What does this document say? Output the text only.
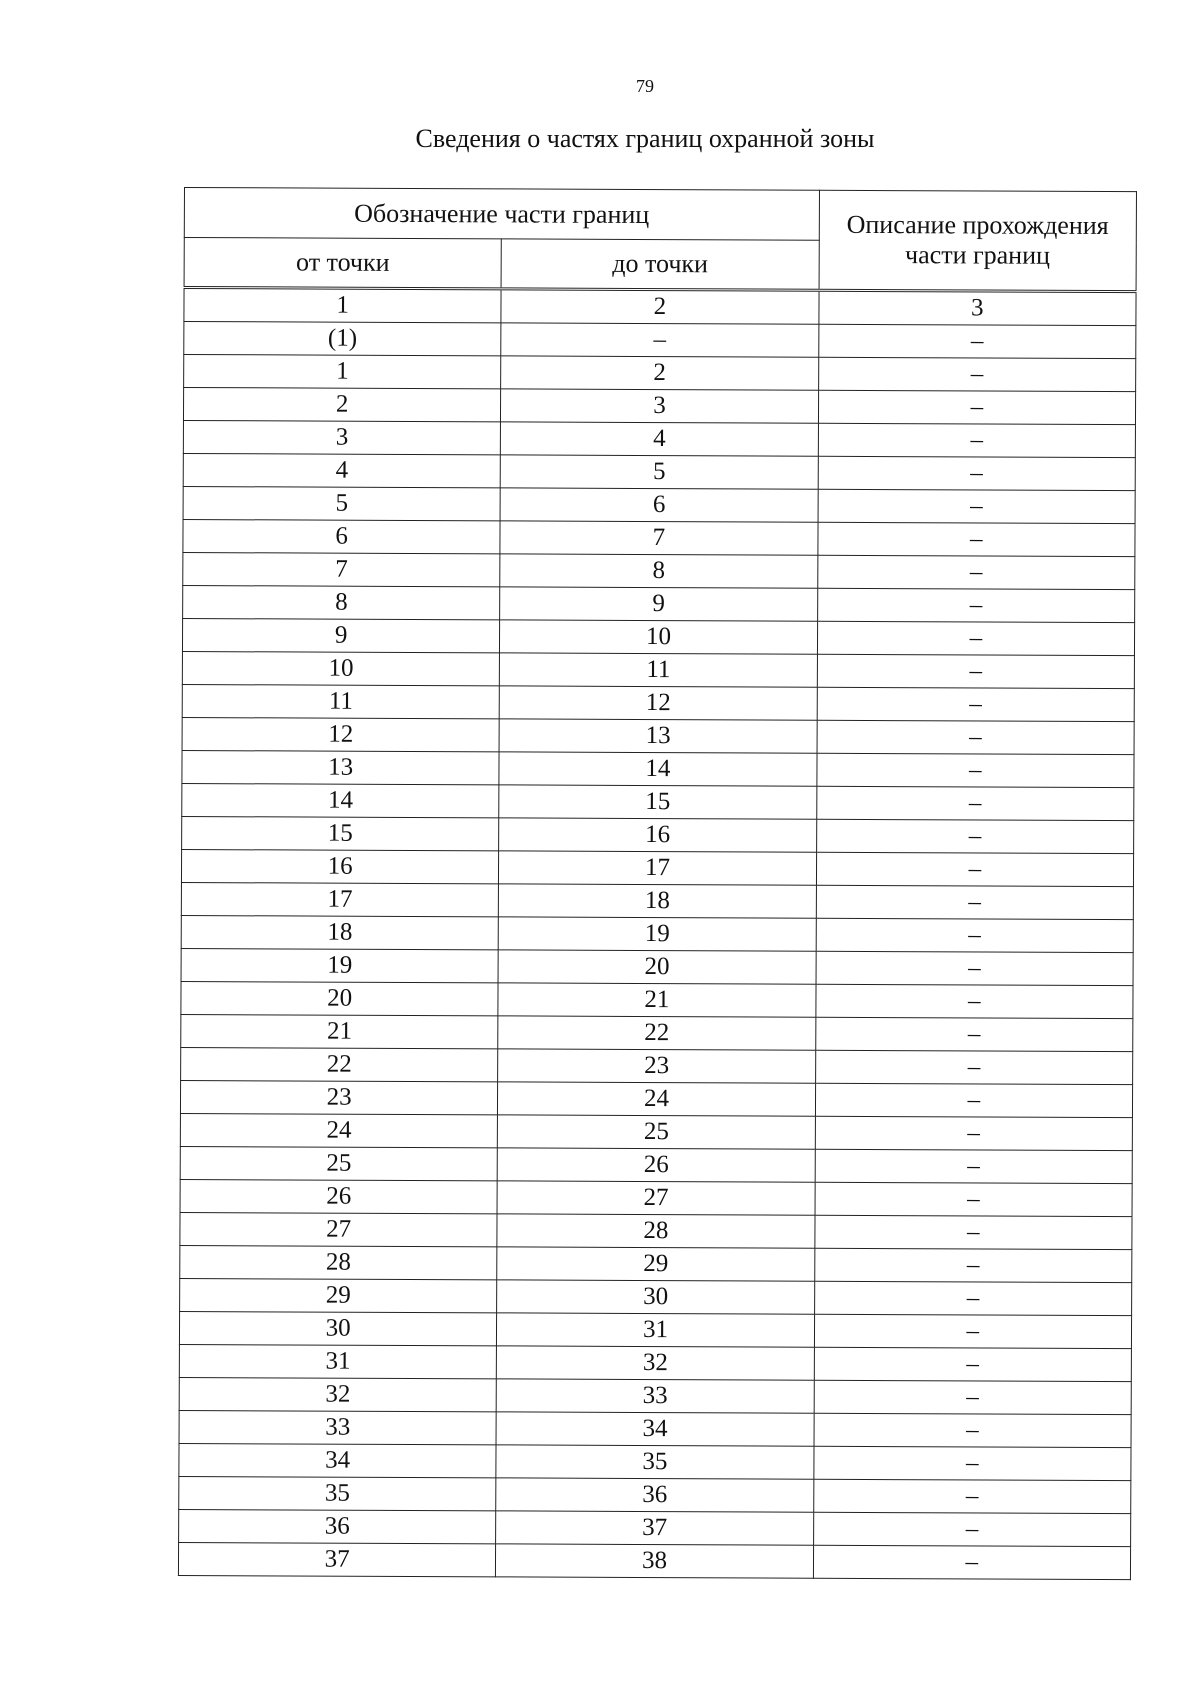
79
Сведения о частях границ охранной зоны
Обозначение части границ		Описание прохождения части границ
от точки	до точки	
1	2	3
(1)	–	–
1	2	–
2	3	–
3	4	–
4	5	–
5	6	–
6	7	–
7	8	–
8	9	–
9	10	–
10	11	–
11	12	–
12	13	–
13	14	–
14	15	–
15	16	–
16	17	–
17	18	–
18	19	–
19	20	–
20	21	–
21	22	–
22	23	–
23	24	–
24	25	–
25	26	–
26	27	–
27	28	–
28	29	–
29	30	–
30	31	–
31	32	–
32	33	–
33	34	–
34	35	–
35	36	–
36	37	–
37	38	–
